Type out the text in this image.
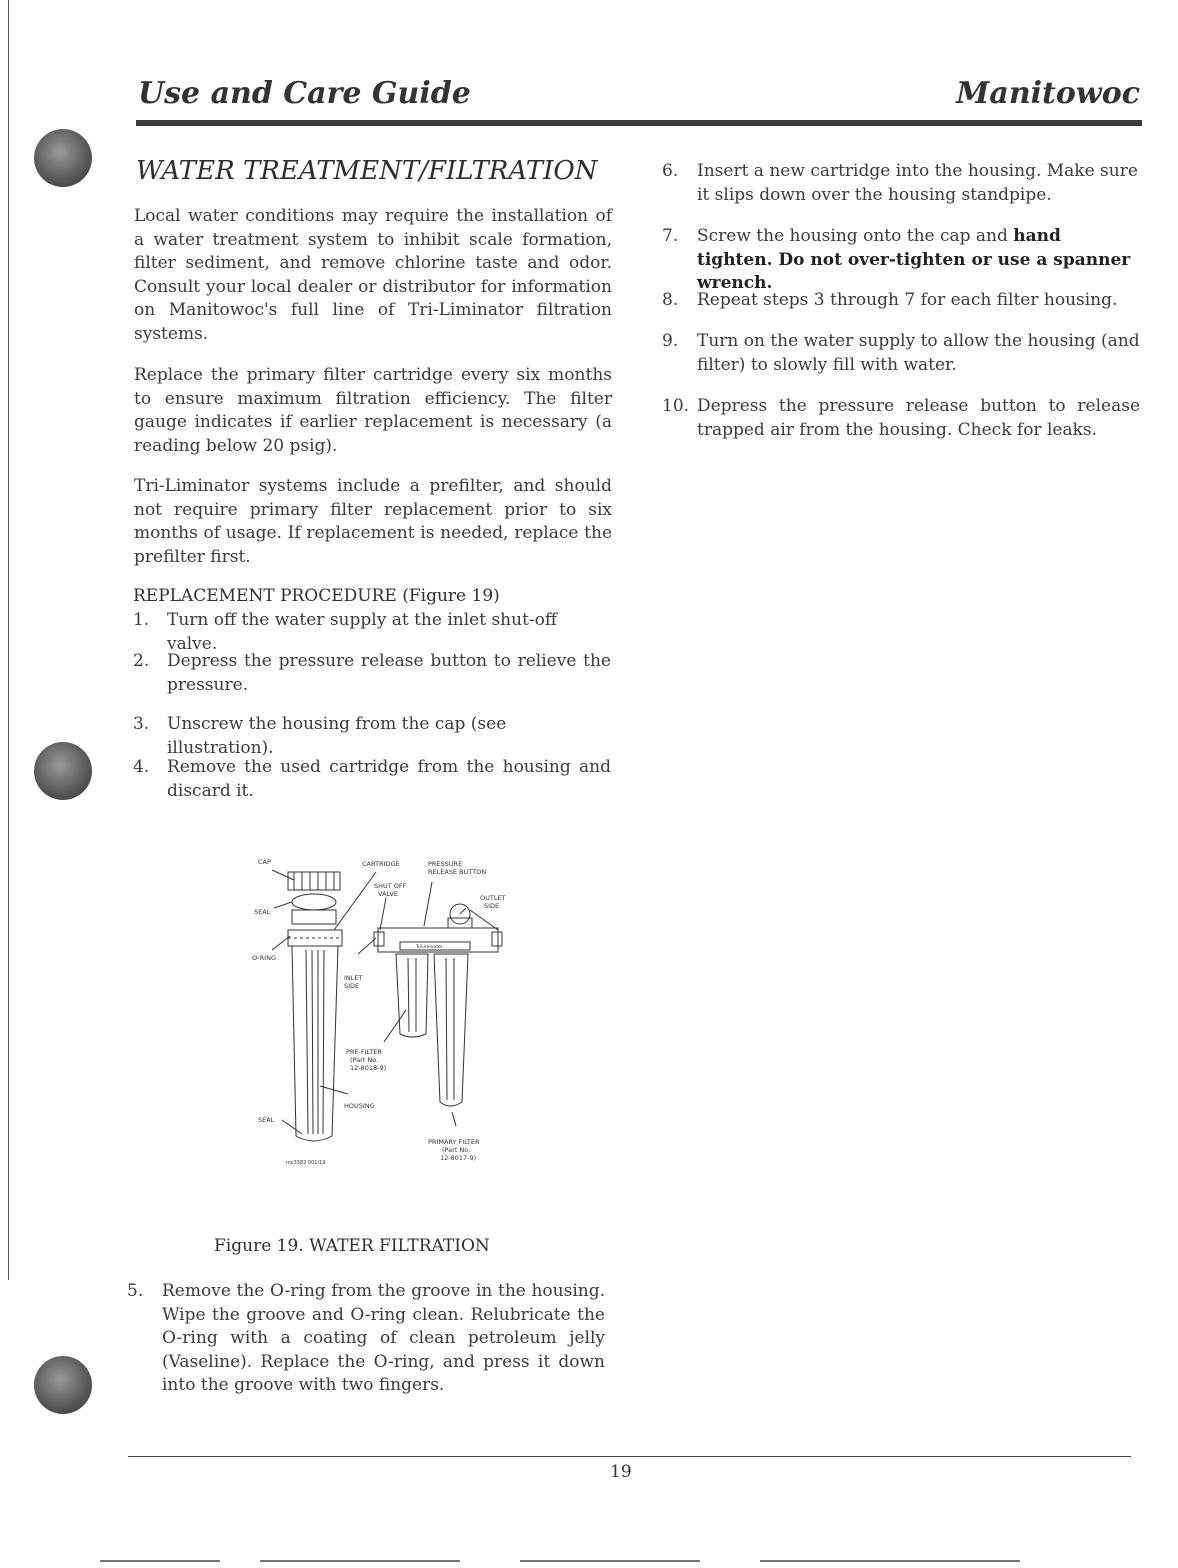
Use and Care Guide	Manitowoc
WATER TREATMENT/FILTRATION
Local water conditions may require the installation of a water treatment system to inhibit scale formation, filter sediment, and remove chlorine taste and odor. Consult your local dealer or distributor for information on Manitowoc's full line of Tri-Liminator filtration systems.
Replace the primary filter cartridge every six months to ensure maximum filtration efficiency. The filter gauge indicates if earlier replacement is necessary (a reading below 20 psig).
Tri-Liminator systems include a prefilter, and should not require primary filter replacement prior to six months of usage. If replacement is needed, replace the prefilter first.
REPLACEMENT PROCEDURE (Figure 19)
1. Turn off the water supply at the inlet shut-off valve.
2. Depress the pressure release button to relieve the pressure.
3. Unscrew the housing from the cap (see illustration).
4. Remove the used cartridge from the housing and discard it.
CAP
SEAL
O-RING
SEAL
CARTRIDGE	PRESSURE
RELEASE BUTTON
SHUT OFF
VALVE	OUTLET
SIDE
INLET
SIDE
PRE-FILTER
(Part No.
12-8018-9)
HOUSING
PRIMARY FILTER
(Part No.
12-8017-9)
mc3382 001/19
TriLiminator
Figure 19. WATER FILTRATION
5. Remove the O-ring from the groove in the housing. Wipe the groove and O-ring clean. Relubricate the O-ring with a coating of clean petroleum jelly (Vaseline). Replace the O-ring, and press it down into the groove with two fingers.
6. Insert a new cartridge into the housing. Make sure it slips down over the housing standpipe.
7. Screw the housing onto the cap and hand tighten. Do not over-tighten or use a spanner wrench.
8. Repeat steps 3 through 7 for each filter housing.
9. Turn on the water supply to allow the housing (and filter) to slowly fill with water.
10. Depress the pressure release button to release trapped air from the housing. Check for leaks.
19
